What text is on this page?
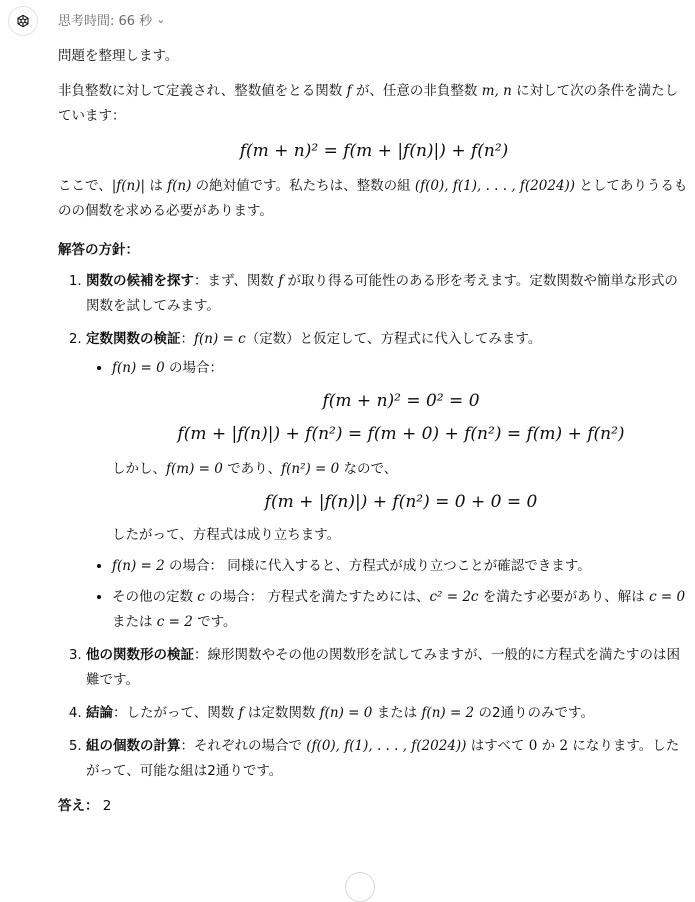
思考時間: 66 秒 ⌄

問題を整理します。

非負整数に対して定義され、整数値をとる関数 f が、任意の非負整数 m, n に対して次の条件を満たしています：

f(m + n)² = f(m + |f(n)|) + f(n²)

ここで、|f(n)| は f(n) の絶対値です。私たちは、整数の組 (f(0), f(1), . . . , f(2024)) としてありうるものの個数を求める必要があります。

解答の方針：

1. 関数の候補を探す：まず、関数 f が取り得る可能性のある形を考えます。定数関数や簡単な形式の関数を試してみます。
2. 定数関数の検証：f(n) = c（定数）と仮定して、方程式に代入してみます。
• f(n) = 0 の場合：
f(m + n)² = 0² = 0
f(m + |f(n)|) + f(n²) = f(m + 0) + f(n²) = f(m) + f(n²)
しかし、f(m) = 0 であり、f(n²) = 0 なので、
f(m + |f(n)|) + f(n²) = 0 + 0 = 0
したがって、方程式は成り立ちます。
• f(n) = 2 の場合： 同様に代入すると、方程式が成り立つことが確認できます。
• その他の定数 c の場合： 方程式を満たすためには、c² = 2c を満たす必要があり、解は c = 0 または c = 2 です。
3. 他の関数形の検証：線形関数やその他の関数形を試してみますが、一般的に方程式を満たすのは困難です。
4. 結論：したがって、関数 f は定数関数 f(n) = 0 または f(n) = 2 の2通りのみです。
5. 組の個数の計算：それぞれの場合で (f(0), f(1), . . . , f(2024)) はすべて 0 か 2 になります。したがって、可能な組は2通りです。

答え： 2
